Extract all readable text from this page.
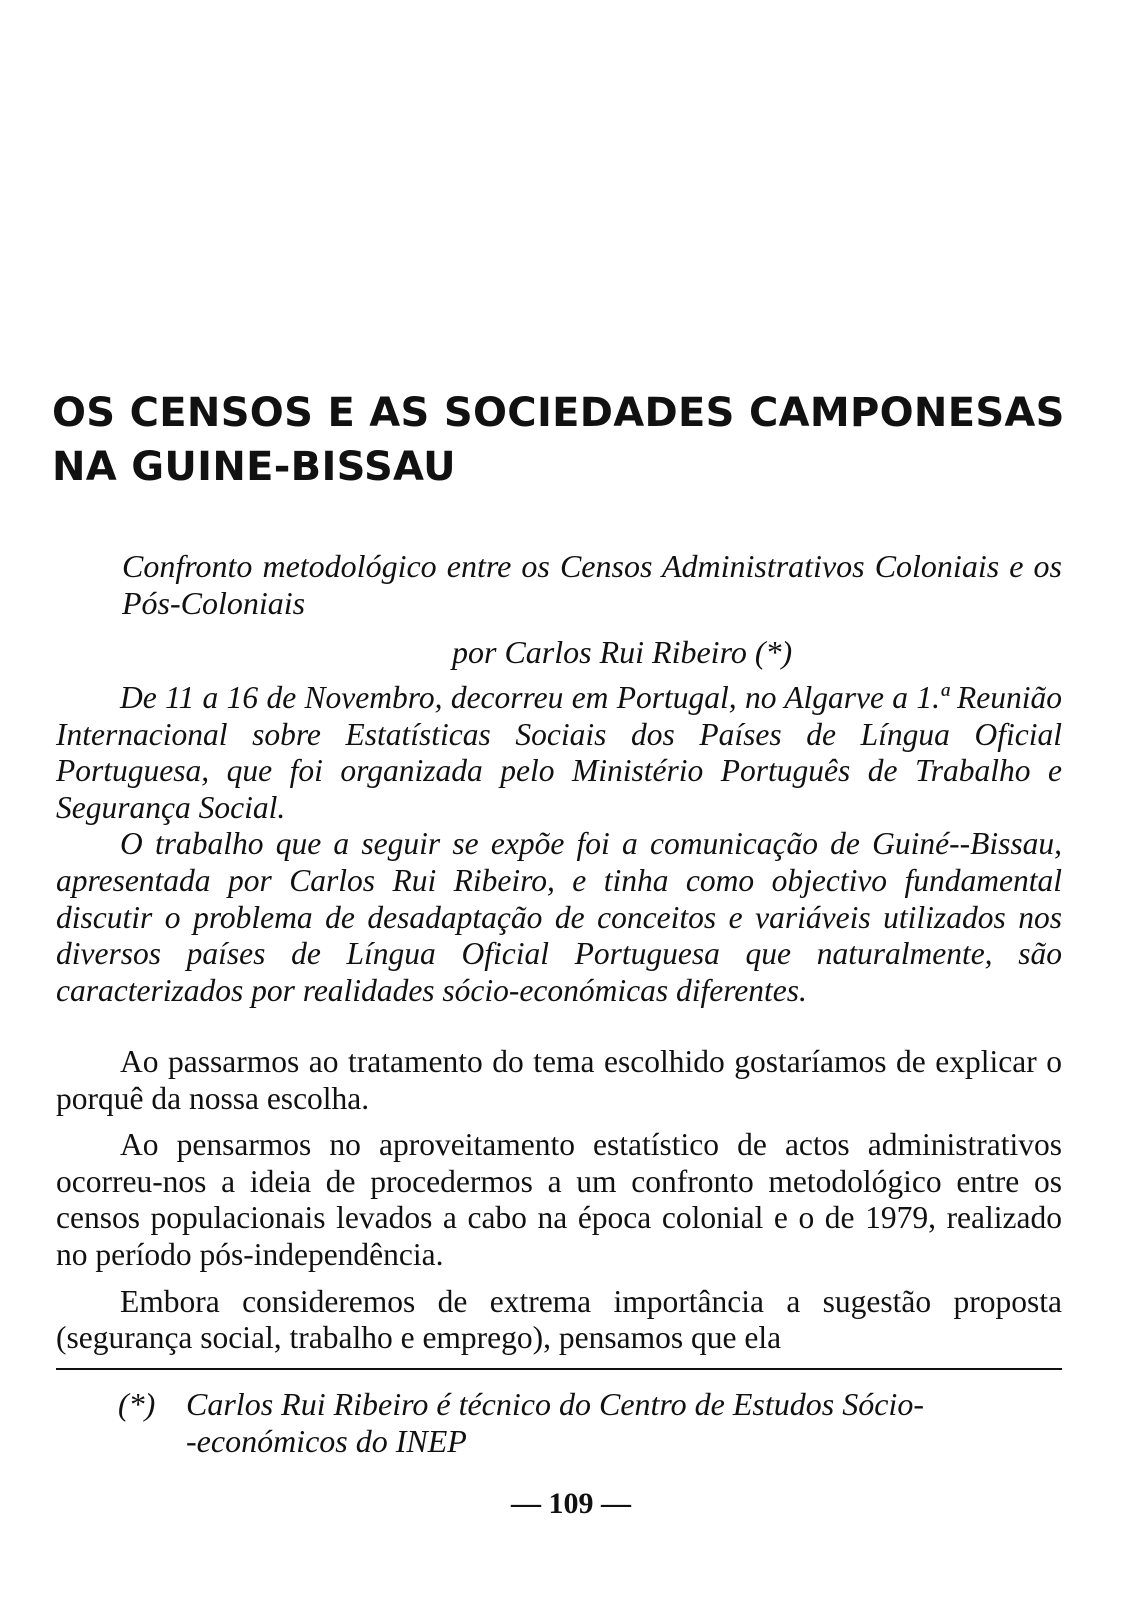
OS CENSOS E AS SOCIEDADES CAMPONESAS
NA GUINE-BISSAU
Confronto metodológico entre os Censos Administrativos Coloniais e os Pós-Coloniais
por Carlos Rui Ribeiro (*)

De 11 a 16 de Novembro, decorreu em Portugal, no Algarve a 1.ª Reunião Internacional sobre Estatísticas Sociais dos Países de Língua Oficial Portuguesa, que foi organizada pelo Ministério Português de Trabalho e Segurança Social.

O trabalho que a seguir se expõe foi a comunicação de Guiné--Bissau, apresentada por Carlos Rui Ribeiro, e tinha como objectivo fundamental discutir o problema de desadaptação de conceitos e variáveis utilizados nos diversos países de Língua Oficial Portuguesa que naturalmente, são caracterizados por realidades sócio-económicas diferentes.

Ao passarmos ao tratamento do tema escolhido gostaríamos de explicar o porquê da nossa escolha.

Ao pensarmos no aproveitamento estatístico de actos administrativos ocorreu-nos a ideia de procedermos a um confronto metodológico entre os censos populacionais levados a cabo na época colonial e o de 1979, realizado no período pós-independência.

Embora consideremos de extrema importância a sugestão proposta (segurança social, trabalho e emprego), pensamos que ela

(*) Carlos Rui Ribeiro é técnico do Centro de Estudos Sócio-
-económicos do INEP
— 109 —
